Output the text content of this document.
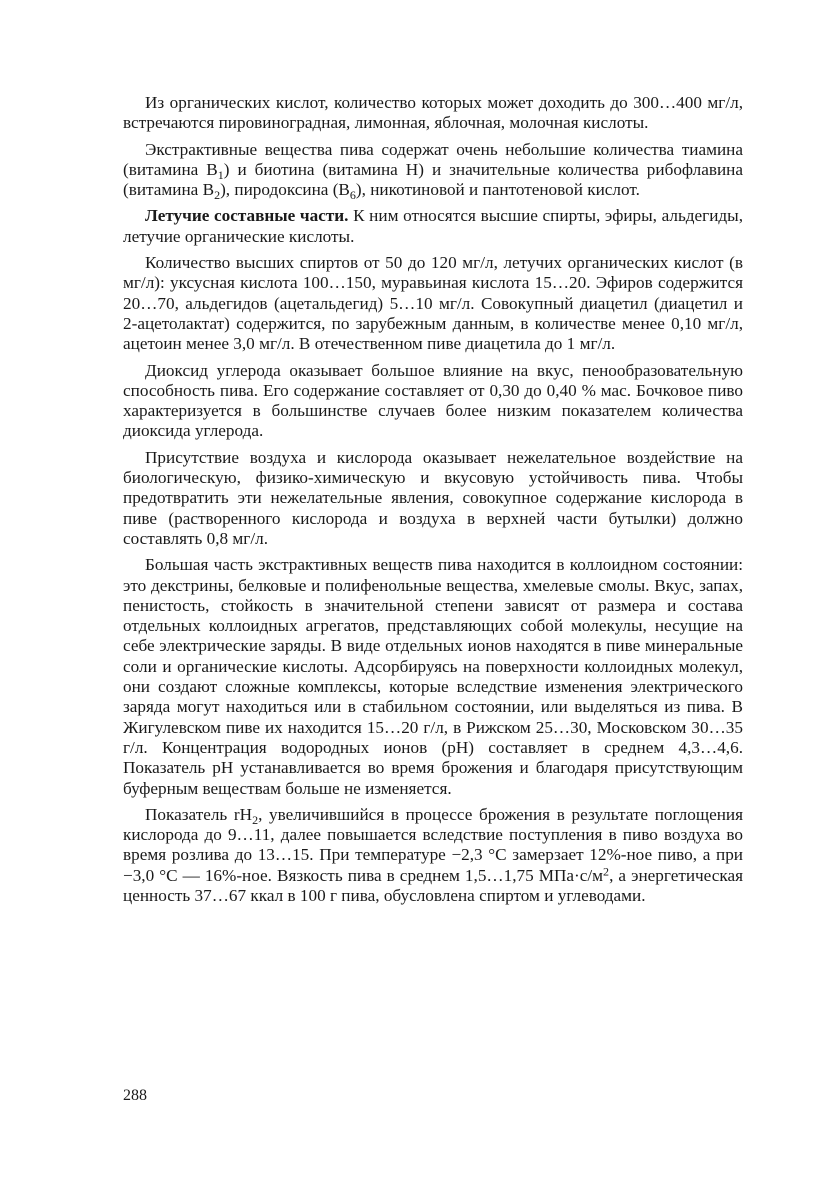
Из органических кислот, количество которых может доходить до 300…400 мг/л, встречаются пировиноградная, лимонная, яблочная, молочная кислоты.

Экстрактивные вещества пива содержат очень небольшие количества тиамина (витамина $B_1$) и биотина (витамина H) и значительные количества рибофлавина (витамина $B_2$), пиродоксина $(B_6)$, никотиновой и пантотеновой кислот.

Летучие составные части. К ним относятся высшие спирты, эфиры, альдегиды, летучие органические кислоты.

Количество высших спиртов от 50 до 120 мг/л, летучих органических кислот (в мг/л): уксусная кислота 100…150, муравьиная кислота 15…20. Эфиров содержится 20…70, альдегидов (ацетальдегид) 5…10 мг/л. Совокупный диацетил (диацетил и 2-ацетолактат) содержится, по зарубежным данным, в количестве менее 0,10 мг/л, ацетоин менее 3,0 мг/л. В отечественном пиве диацетила до 1 мг/л.

Диоксид углерода оказывает большое влияние на вкус, пенообразовательную способность пива. Его содержание составляет от 0,30 до 0,40 % мас. Бочковое пиво характеризуется в большинстве случаев более низким показателем количества диоксида углерода.

Присутствие воздуха и кислорода оказывает нежелательное воздействие на биологическую, физико-химическую и вкусовую устойчивость пива. Чтобы предотвратить эти нежелательные явления, совокупное содержание кислорода в пиве (растворенного кислорода и воздуха в верхней части бутылки) должно составлять 0,8 мг/л.

Большая часть экстрактивных веществ пива находится в коллоидном состоянии: это декстрины, белковые и полифенольные вещества, хмелевые смолы. Вкус, запах, пенистость, стойкость в значительной степени зависят от размера и состава отдельных коллоидных агрегатов, представляющих собой молекулы, несущие на себе электрические заряды. В виде отдельных ионов находятся в пиве минеральные соли и органические кислоты. Адсорбируясь на поверхности коллоидных молекул, они создают сложные комплексы, которые вследствие изменения электрического заряда могут находиться или в стабильном состоянии, или выделяться из пива. В Жигулевском пиве их находится 15…20 г/л, в Рижском 25…30, Московском 30…35 г/л. Концентрация водородных ионов (pH) составляет в среднем 4,3…4,6. Показатель pH устанавливается во время брожения и благодаря присутствующим буферным веществам больше не изменяется.

Показатель $rH_2$, увеличившийся в процессе брожения в результате поглощения кислорода до 9…11, далее повышается вследствие поступления в пиво воздуха во время розлива до 13…15. При температуре −2,3 °С замерзает 12%-ное пиво, а при −3,0 °С — 16%-ное. Вязкость пива в среднем 1,5…1,75 $МПа\cdot с/м^2$, а энергетическая ценность 37…67 ккал в 100 г пива, обусловлена спиртом и углеводами.

288
